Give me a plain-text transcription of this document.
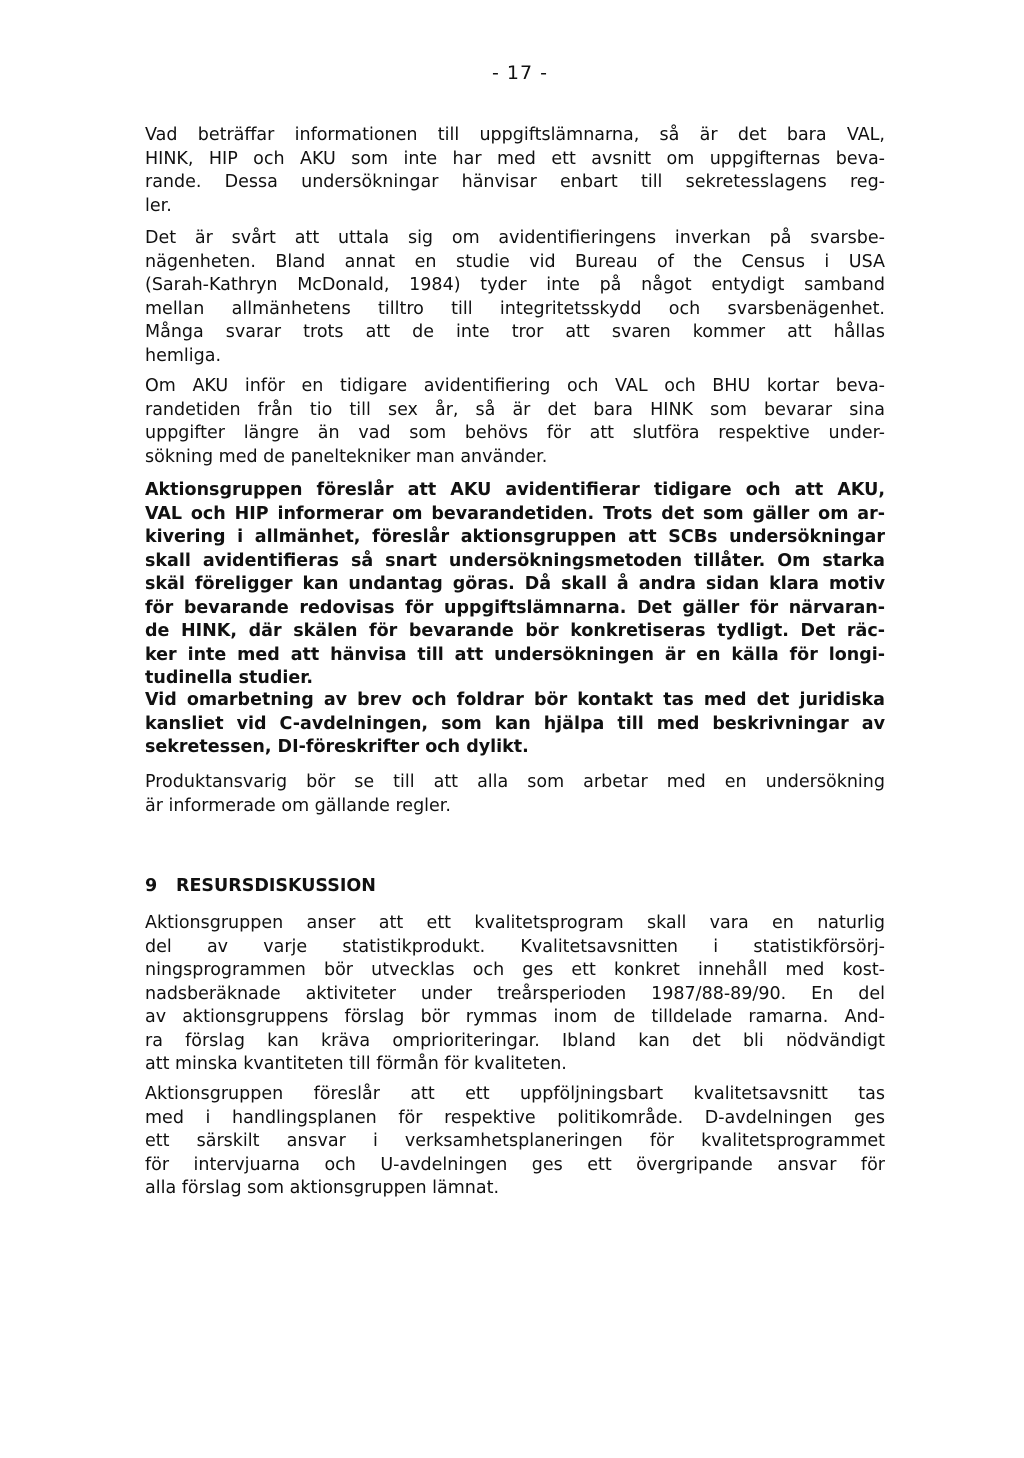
- 17 -
Vad beträffar informationen till uppgiftslämnarna, så är det bara VAL,
HINK, HIP och AKU som inte har med ett avsnitt om uppgifternas beva-
rande. Dessa undersökningar hänvisar enbart till sekretesslagens reg-
ler.
Det är svårt att uttala sig om avidentifieringens inverkan på svarsbe-
nägenheten. Bland annat en studie vid Bureau of the Census i USA
(Sarah-Kathryn McDonald, 1984) tyder inte på något entydigt samband
mellan allmänhetens tilltro till integritetsskydd och svarsbenägenhet.
Många svarar trots att de inte tror att svaren kommer att hållas
hemliga.
Om AKU inför en tidigare avidentifiering och VAL och BHU kortar beva-
randetiden från tio till sex år, så är det bara HINK som bevarar sina
uppgifter längre än vad som behövs för att slutföra respektive under-
sökning med de paneltekniker man använder.
Aktionsgruppen föreslår att AKU avidentifierar tidigare och att AKU,
VAL och HIP informerar om bevarandetiden. Trots det som gäller om ar-
kivering i allmänhet, föreslår aktionsgruppen att SCBs undersökningar
skall avidentifieras så snart undersökningsmetoden tillåter. Om starka
skäl föreligger kan undantag göras. Då skall å andra sidan klara motiv
för bevarande redovisas för uppgiftslämnarna. Det gäller för närvaran-
de HINK, där skälen för bevarande bör konkretiseras tydligt. Det räc-
ker inte med att hänvisa till att undersökningen är en källa för longi-
tudinella studier.
Vid omarbetning av brev och foldrar bör kontakt tas med det juridiska
kansliet vid C-avdelningen, som kan hjälpa till med beskrivningar av
sekretessen, DI-föreskrifter och dylikt.
Produktansvarig bör se till att alla som arbetar med en undersökning
är informerade om gällande regler.
9 RESURSDISKUSSION
Aktionsgruppen anser att ett kvalitetsprogram skall vara en naturlig
del av varje statistikprodukt. Kvalitetsavsnitten i statistikförsörj-
ningsprogrammen bör utvecklas och ges ett konkret innehåll med kost-
nadsberäknade aktiviteter under treårsperioden 1987/88-89/90. En del
av aktionsgruppens förslag bör rymmas inom de tilldelade ramarna. And-
ra förslag kan kräva omprioriteringar. Ibland kan det bli nödvändigt
att minska kvantiteten till förmån för kvaliteten.
Aktionsgruppen föreslår att ett uppföljningsbart kvalitetsavsnitt tas
med i handlingsplanen för respektive politikområde. D-avdelningen ges
ett särskilt ansvar i verksamhetsplaneringen för kvalitetsprogrammet
för intervjuarna och U-avdelningen ges ett övergripande ansvar för
alla förslag som aktionsgruppen lämnat.
